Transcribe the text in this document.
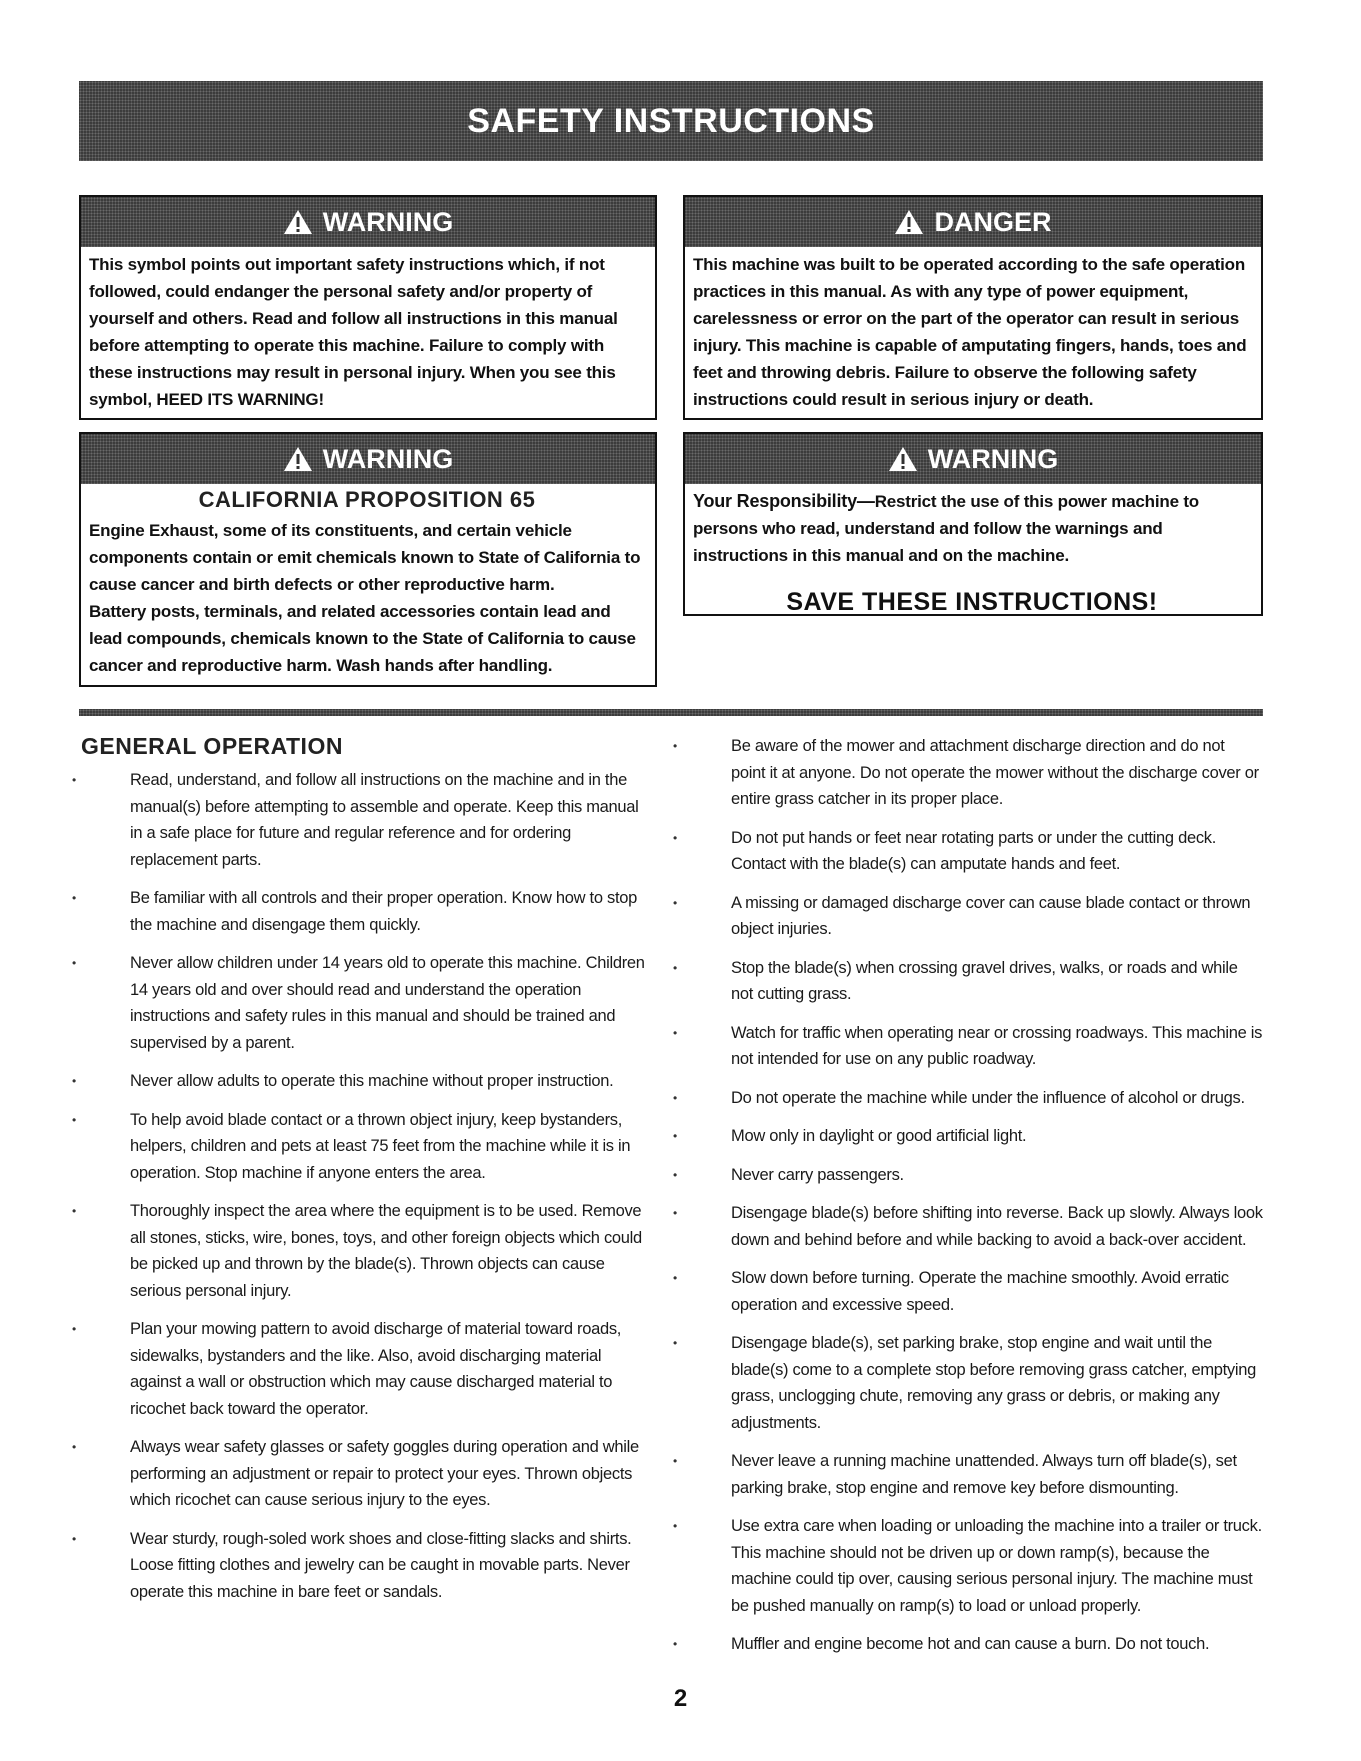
SAFETY INSTRUCTIONS
WARNING

This symbol points out important safety instructions which, if not followed, could endanger the personal safety and/or property of yourself and others. Read and follow all instructions in this manual before attempting to operate this machine. Failure to comply with these instructions may result in personal injury. When you see this symbol, HEED ITS WARNING!

DANGER

This machine was built to be operated according to the safe operation practices in this manual. As with any type of power equipment, carelessness or error on the part of the operator can result in serious injury. This machine is capable of amputating fingers, hands, toes and feet and throwing debris. Failure to observe the following safety instructions could result in serious injury or death.

WARNING
CALIFORNIA PROPOSITION 65

Engine Exhaust, some of its constituents, and certain vehicle components contain or emit chemicals known to State of California to cause cancer and birth defects or other reproductive harm.

Battery posts, terminals, and related accessories contain lead and lead compounds, chemicals known to the State of California to cause cancer and reproductive harm. Wash hands after handling.

WARNING

Your Responsibility—Restrict the use of this power machine to persons who read, understand and follow the warnings and instructions in this manual and on the machine.

SAVE THESE INSTRUCTIONS!
GENERAL OPERATION
• Read, understand, and follow all instructions on the machine and in the manual(s) before attempting to assemble and operate. Keep this manual in a safe place for future and regular reference and for ordering replacement parts.
• Be familiar with all controls and their proper operation. Know how to stop the machine and disengage them quickly.
• Never allow children under 14 years old to operate this machine. Children 14 years old and over should read and understand the operation instructions and safety rules in this manual and should be trained and supervised by a parent.
• Never allow adults to operate this machine without proper instruction.
• To help avoid blade contact or a thrown object injury, keep bystanders, helpers, children and pets at least 75 feet from the machine while it is in operation. Stop machine if anyone enters the area.
• Thoroughly inspect the area where the equipment is to be used. Remove all stones, sticks, wire, bones, toys, and other foreign objects which could be picked up and thrown by the blade(s). Thrown objects can cause serious personal injury.
• Plan your mowing pattern to avoid discharge of material toward roads, sidewalks, bystanders and the like. Also, avoid discharging material against a wall or obstruction which may cause discharged material to ricochet back toward the operator.
• Always wear safety glasses or safety goggles during operation and while performing an adjustment or repair to protect your eyes. Thrown objects which ricochet can cause serious injury to the eyes.
• Wear sturdy, rough-soled work shoes and close-fitting slacks and shirts. Loose fitting clothes and jewelry can be caught in movable parts. Never operate this machine in bare feet or sandals.
• Be aware of the mower and attachment discharge direction and do not point it at anyone. Do not operate the mower without the discharge cover or entire grass catcher in its proper place.
• Do not put hands or feet near rotating parts or under the cutting deck. Contact with the blade(s) can amputate hands and feet.
• A missing or damaged discharge cover can cause blade contact or thrown object injuries.
• Stop the blade(s) when crossing gravel drives, walks, or roads and while not cutting grass.
• Watch for traffic when operating near or crossing roadways. This machine is not intended for use on any public roadway.
• Do not operate the machine while under the influence of alcohol or drugs.
• Mow only in daylight or good artificial light.
• Never carry passengers.
• Disengage blade(s) before shifting into reverse. Back up slowly. Always look down and behind before and while backing to avoid a back-over accident.
• Slow down before turning. Operate the machine smoothly. Avoid erratic operation and excessive speed.
• Disengage blade(s), set parking brake, stop engine and wait until the blade(s) come to a complete stop before removing grass catcher, emptying grass, unclogging chute, removing any grass or debris, or making any adjustments.
• Never leave a running machine unattended. Always turn off blade(s), set parking brake, stop engine and remove key before dismounting.
• Use extra care when loading or unloading the machine into a trailer or truck. This machine should not be driven up or down ramp(s), because the machine could tip over, causing serious personal injury. The machine must be pushed manually on ramp(s) to load or unload properly.
• Muffler and engine become hot and can cause a burn. Do not touch.
2
